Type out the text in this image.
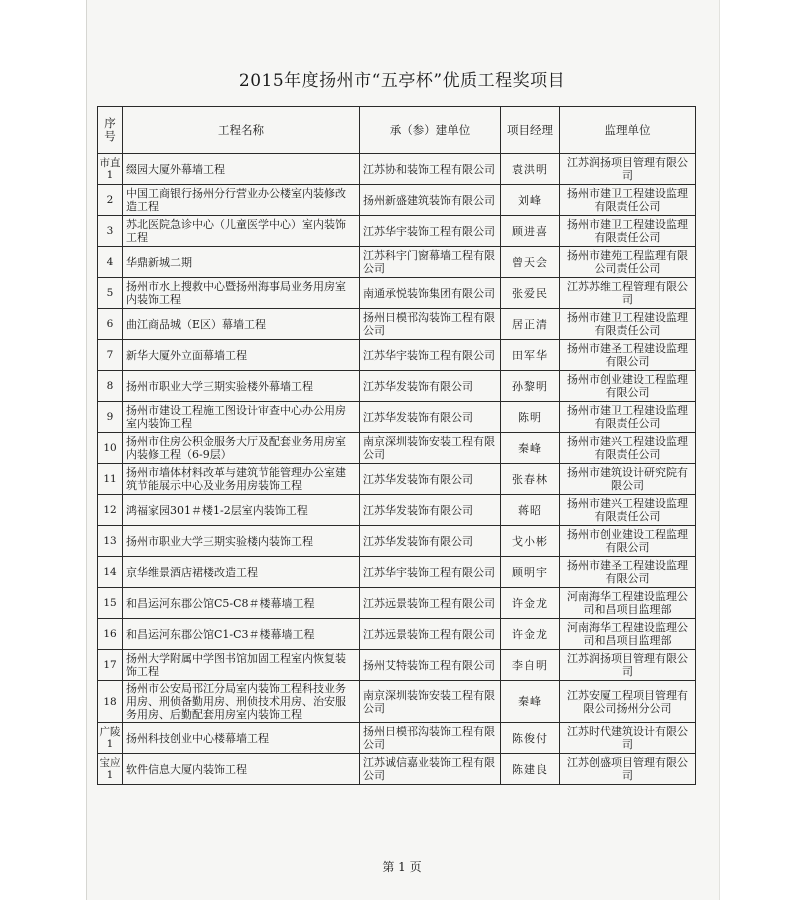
2015年度扬州市“五亭杯”优质工程奖项目
序号	工程名称	承（参）建单位	项目经理	监理单位
市直1	缀园大厦外幕墙工程	江苏协和装饰工程有限公司	袁洪明	江苏润扬项目管理有限公司
2	中国工商银行扬州分行营业办公楼室内装修改造工程	扬州新盛建筑装饰有限公司	刘峰	扬州市建卫工程建设监理有限责任公司
3	苏北医院急诊中心（儿童医学中心）室内装饰工程	江苏华宇装饰工程有限公司	顾进喜	扬州市建卫工程建设监理有限责任公司
4	华鼎新城二期	江苏科宇门窗幕墙工程有限公司	曾天会	扬州市建苑工程监理有限公司责任公司
5	扬州市水上搜救中心暨扬州海事局业务用房室内装饰工程	南通承悦装饰集团有限公司	张爱民	江苏苏维工程管理有限公司
6	曲江商品城（E区）幕墙工程	扬州日模邗沟装饰工程有限公司	居正清	扬州市建卫工程建设监理有限责任公司
7	新华大厦外立面幕墙工程	江苏华宇装饰工程有限公司	田军华	扬州市建圣工程建设监理有限公司
8	扬州市职业大学三期实验楼外幕墙工程	江苏华发装饰有限公司	孙黎明	扬州市创业建设工程监理有限公司
9	扬州市建设工程施工图设计审查中心办公用房室内装饰工程	江苏华发装饰有限公司	陈明	扬州市建卫工程建设监理有限责任公司
10	扬州市住房公积金服务大厅及配套业务用房室内装修工程（6-9层）	南京深圳装饰安装工程有限公司	秦峰	扬州市建兴工程建设监理有限责任公司
11	扬州市墙体材料改革与建筑节能管理办公室建筑节能展示中心及业务用房装饰工程	江苏华发装饰有限公司	张春林	扬州市建筑设计研究院有限公司
12	鸿福家园301＃楼1-2层室内装饰工程	江苏华发装饰有限公司	蒋昭	扬州市建兴工程建设监理有限责任公司
13	扬州市职业大学三期实验楼内装饰工程	江苏华发装饰有限公司	戈小彬	扬州市创业建设工程监理有限公司
14	京华维景酒店裙楼改造工程	江苏华宇装饰工程有限公司	顾明宇	扬州市建圣工程建设监理有限公司
15	和昌运河东郡公馆C5-C8＃楼幕墙工程	江苏远景装饰工程有限公司	许金龙	河南海华工程建设监理公司和昌项目监理部
16	和昌运河东郡公馆C1-C3＃楼幕墙工程	江苏远景装饰工程有限公司	许金龙	河南海华工程建设监理公司和昌项目监理部
17	扬州大学附属中学图书馆加固工程室内恢复装饰工程	扬州艾特装饰工程有限公司	李自明	江苏润扬项目管理有限公司
18	扬州市公安局邗江分局室内装饰工程科技业务用房、刑侦备勤用房、刑侦技术用房、治安服务用房、后勤配套用房室内装饰工程	南京深圳装饰安装工程有限公司	秦峰	江苏安厦工程项目管理有限公司扬州分公司
广陵1	扬州科技创业中心楼幕墙工程	扬州日模邗沟装饰工程有限公司	陈俊付	江苏时代建筑设计有限公司
宝应1	软件信息大厦内装饰工程	江苏诚信嘉业装饰工程有限公司	陈建良	江苏创盛项目管理有限公司
第 1 页
